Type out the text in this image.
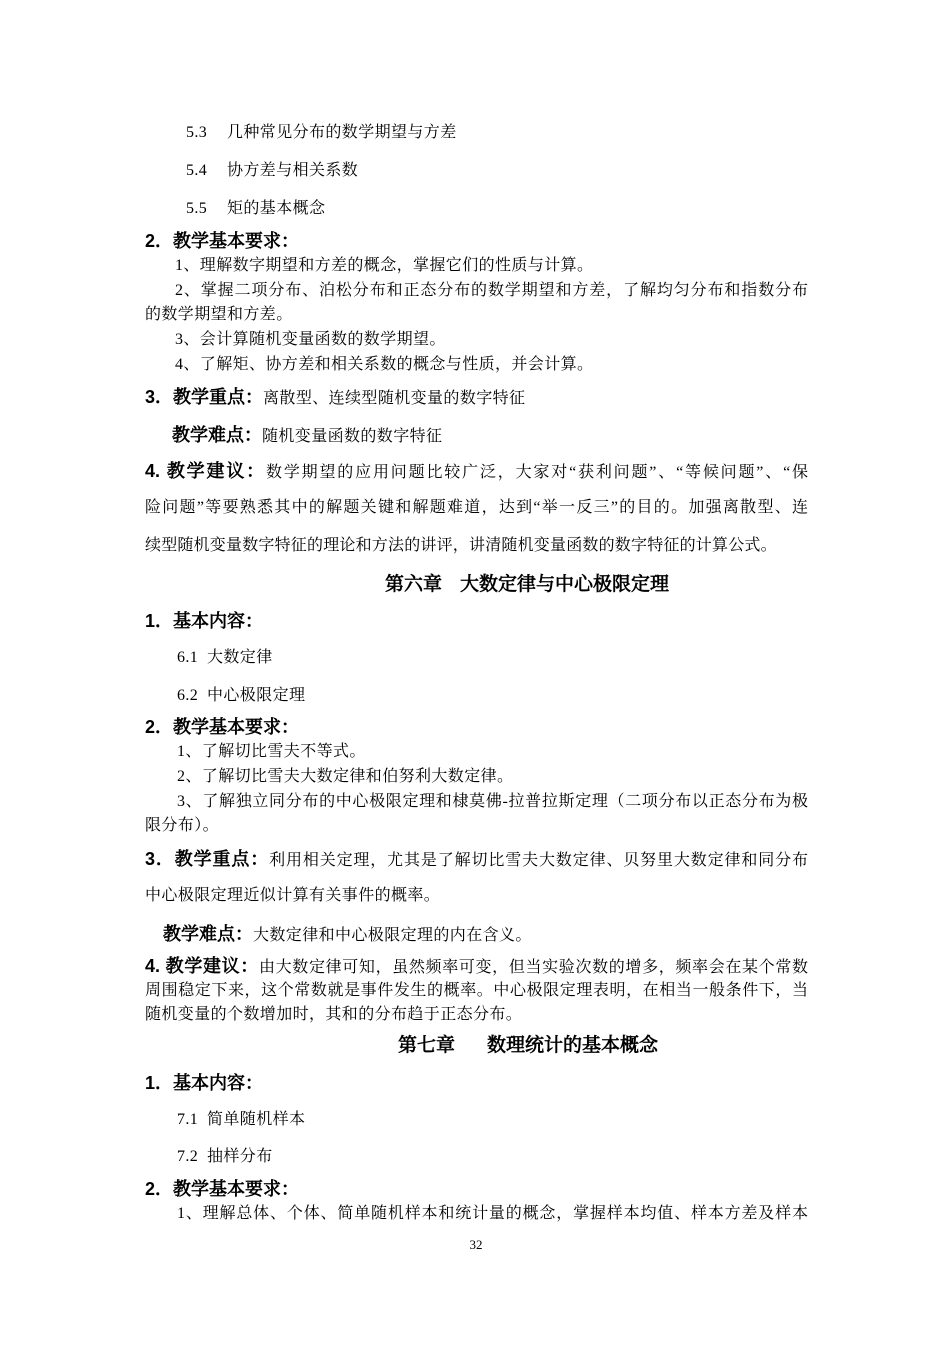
5.3 几种常见分布的数学期望与方差
5.4 协方差与相关系数
5.5 矩的基本概念
2．教学基本要求：
1、理解数字期望和方差的概念，掌握它们的性质与计算。
2、掌握二项分布、泊松分布和正态分布的数学期望和方差，了解均匀分布和指数分布
的数学期望和方差。
3、会计算随机变量函数的数学期望。
4、了解矩、协方差和相关系数的概念与性质，并会计算。
3．教学重点：离散型、连续型随机变量的数字特征
教学难点：随机变量函数的数字特征
4. 教学建议：数学期望的应用问题比较广泛，大家对“获利问题”、“等候问题”、“保
险问题”等要熟悉其中的解题关键和解题难道，达到“举一反三”的目的。加强离散型、连
续型随机变量数字特征的理论和方法的讲评，讲清随机变量函数的数字特征的计算公式。
第六章 大数定律与中心极限定理
1．基本内容：
6.1 大数定律
6.2 中心极限定理
2．教学基本要求：
1、了解切比雪夫不等式。
2、了解切比雪夫大数定律和伯努利大数定律。
3、了解独立同分布的中心极限定理和棣莫佛-拉普拉斯定理（二项分布以正态分布为极
限分布）。
3．教学重点：利用相关定理，尤其是了解切比雪夫大数定律、贝努里大数定律和同分布
中心极限定理近似计算有关事件的概率。
教学难点：大数定律和中心极限定理的内在含义。
4. 教学建议：由大数定律可知，虽然频率可变，但当实验次数的增多，频率会在某个常数
周围稳定下来，这个常数就是事件发生的概率。中心极限定理表明，在相当一般条件下，当
随机变量的个数增加时，其和的分布趋于正态分布。
第七章 数理统计的基本概念
1．基本内容：
7.1 简单随机样本
7.2 抽样分布
2．教学基本要求：
1、理解总体、个体、简单随机样本和统计量的概念，掌握样本均值、样本方差及样本
32
